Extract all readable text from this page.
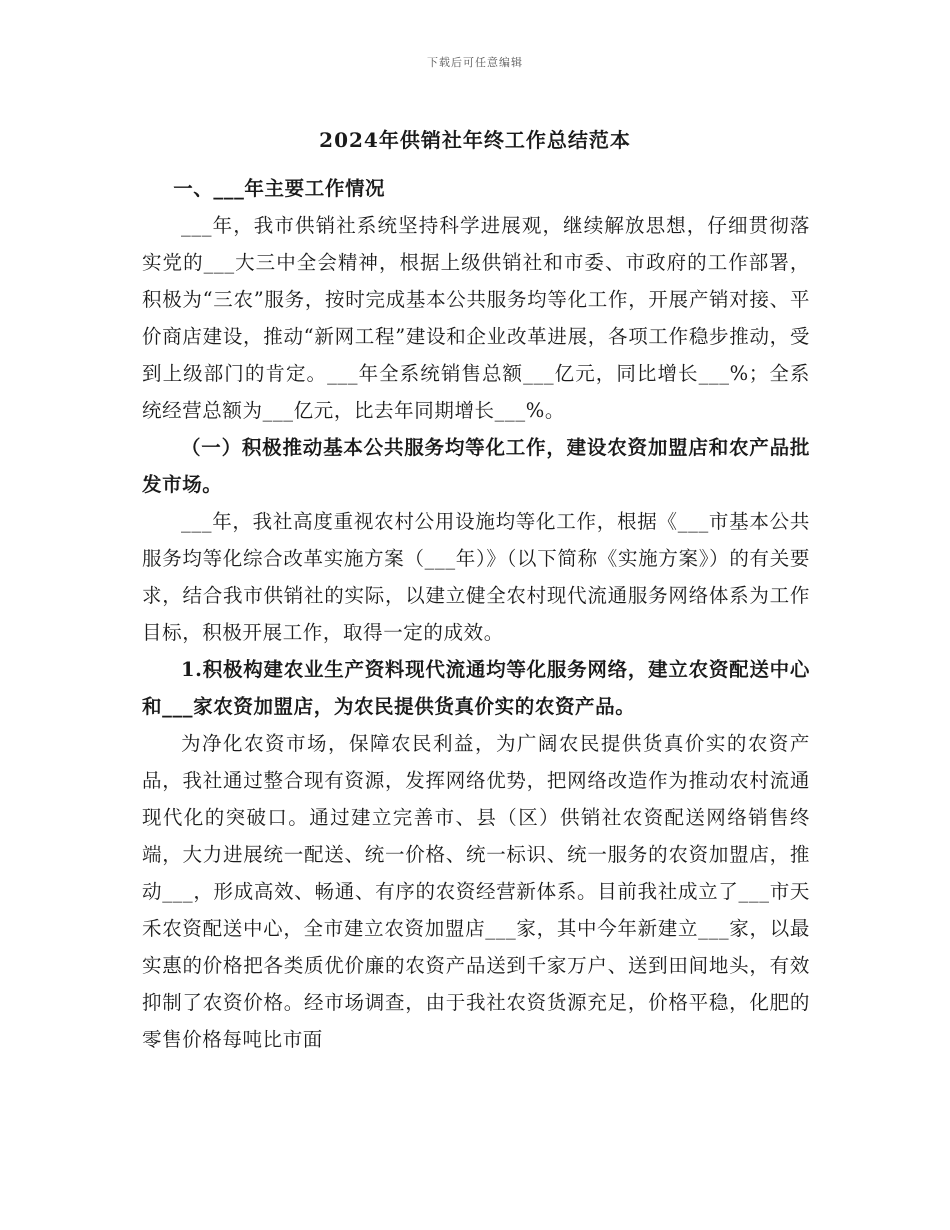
下载后可任意编辑
2024年供销社年终工作总结范本

一、___年主要工作情况

___年，我市供销社系统坚持科学进展观，继续解放思想，仔细贯彻落实党的___大三中全会精神，根据上级供销社和市委、市政府的工作部署，积极为“三农”服务，按时完成基本公共服务均等化工作，开展产销对接、平价商店建设，推动“新网工程”建设和企业改革进展，各项工作稳步推动，受到上级部门的肯定。___年全系统销售总额___亿元，同比增长___%；全系统经营总额为___亿元，比去年同期增长___%。

（一）积极推动基本公共服务均等化工作，建设农资加盟店和农产品批发市场。

___年，我社高度重视农村公用设施均等化工作，根据《___市基本公共服务均等化综合改革实施方案（___年）》（以下简称《实施方案》）的有关要求，结合我市供销社的实际，以建立健全农村现代流通服务网络体系为工作目标，积极开展工作，取得一定的成效。

1.积极构建农业生产资料现代流通均等化服务网络，建立农资配送中心和___家农资加盟店，为农民提供货真价实的农资产品。

为净化农资市场，保障农民利益，为广阔农民提供货真价实的农资产品，我社通过整合现有资源，发挥网络优势，把网络改造作为推动农村流通现代化的突破口。通过建立完善市、县（区）供销社农资配送网络销售终端，大力进展统一配送、统一价格、统一标识、统一服务的农资加盟店，推动___，形成高效、畅通、有序的农资经营新体系。目前我社成立了___市天禾农资配送中心，全市建立农资加盟店___家，其中今年新建立___家，以最实惠的价格把各类质优价廉的农资产品送到千家万户、送到田间地头，有效抑制了农资价格。经市场调查，由于我社农资货源充足，价格平稳，化肥的零售价格每吨比市面
